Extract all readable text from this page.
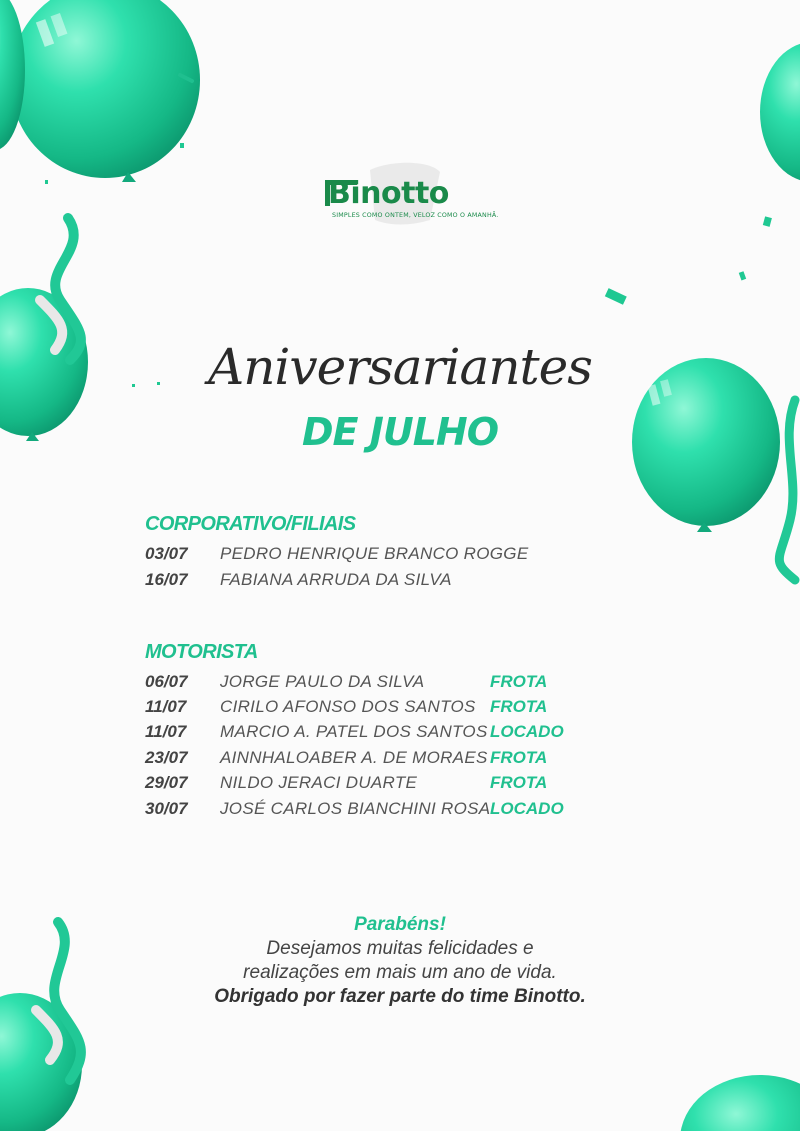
Binotto
SIMPLES COMO ONTEM, VELOZ COMO O AMANHÃ.
Aniversariantes
DE JULHO
CORPORATIVO/FILIAIS
03/07 PEDRO HENRIQUE BRANCO ROGGE
16/07 FABIANA ARRUDA DA SILVA
MOTORISTA
06/07 JORGE PAULO DA SILVA	FROTA
11/07 CIRILO AFONSO DOS SANTOS FROTA
11/07 MARCIO A. PATEL DOS SANTOS LOCADO
23/07 AINNHALOABER A. DE MORAES FROTA
29/07 NILDO JERACI DUARTE	FROTA
30/07 JOSÉ CARLOS BIANCHINI ROSA LOCADO
Parabéns!
Desejamos muitas felicidades e
realizações em mais um ano de vida.
Obrigado por fazer parte do time Binotto.
